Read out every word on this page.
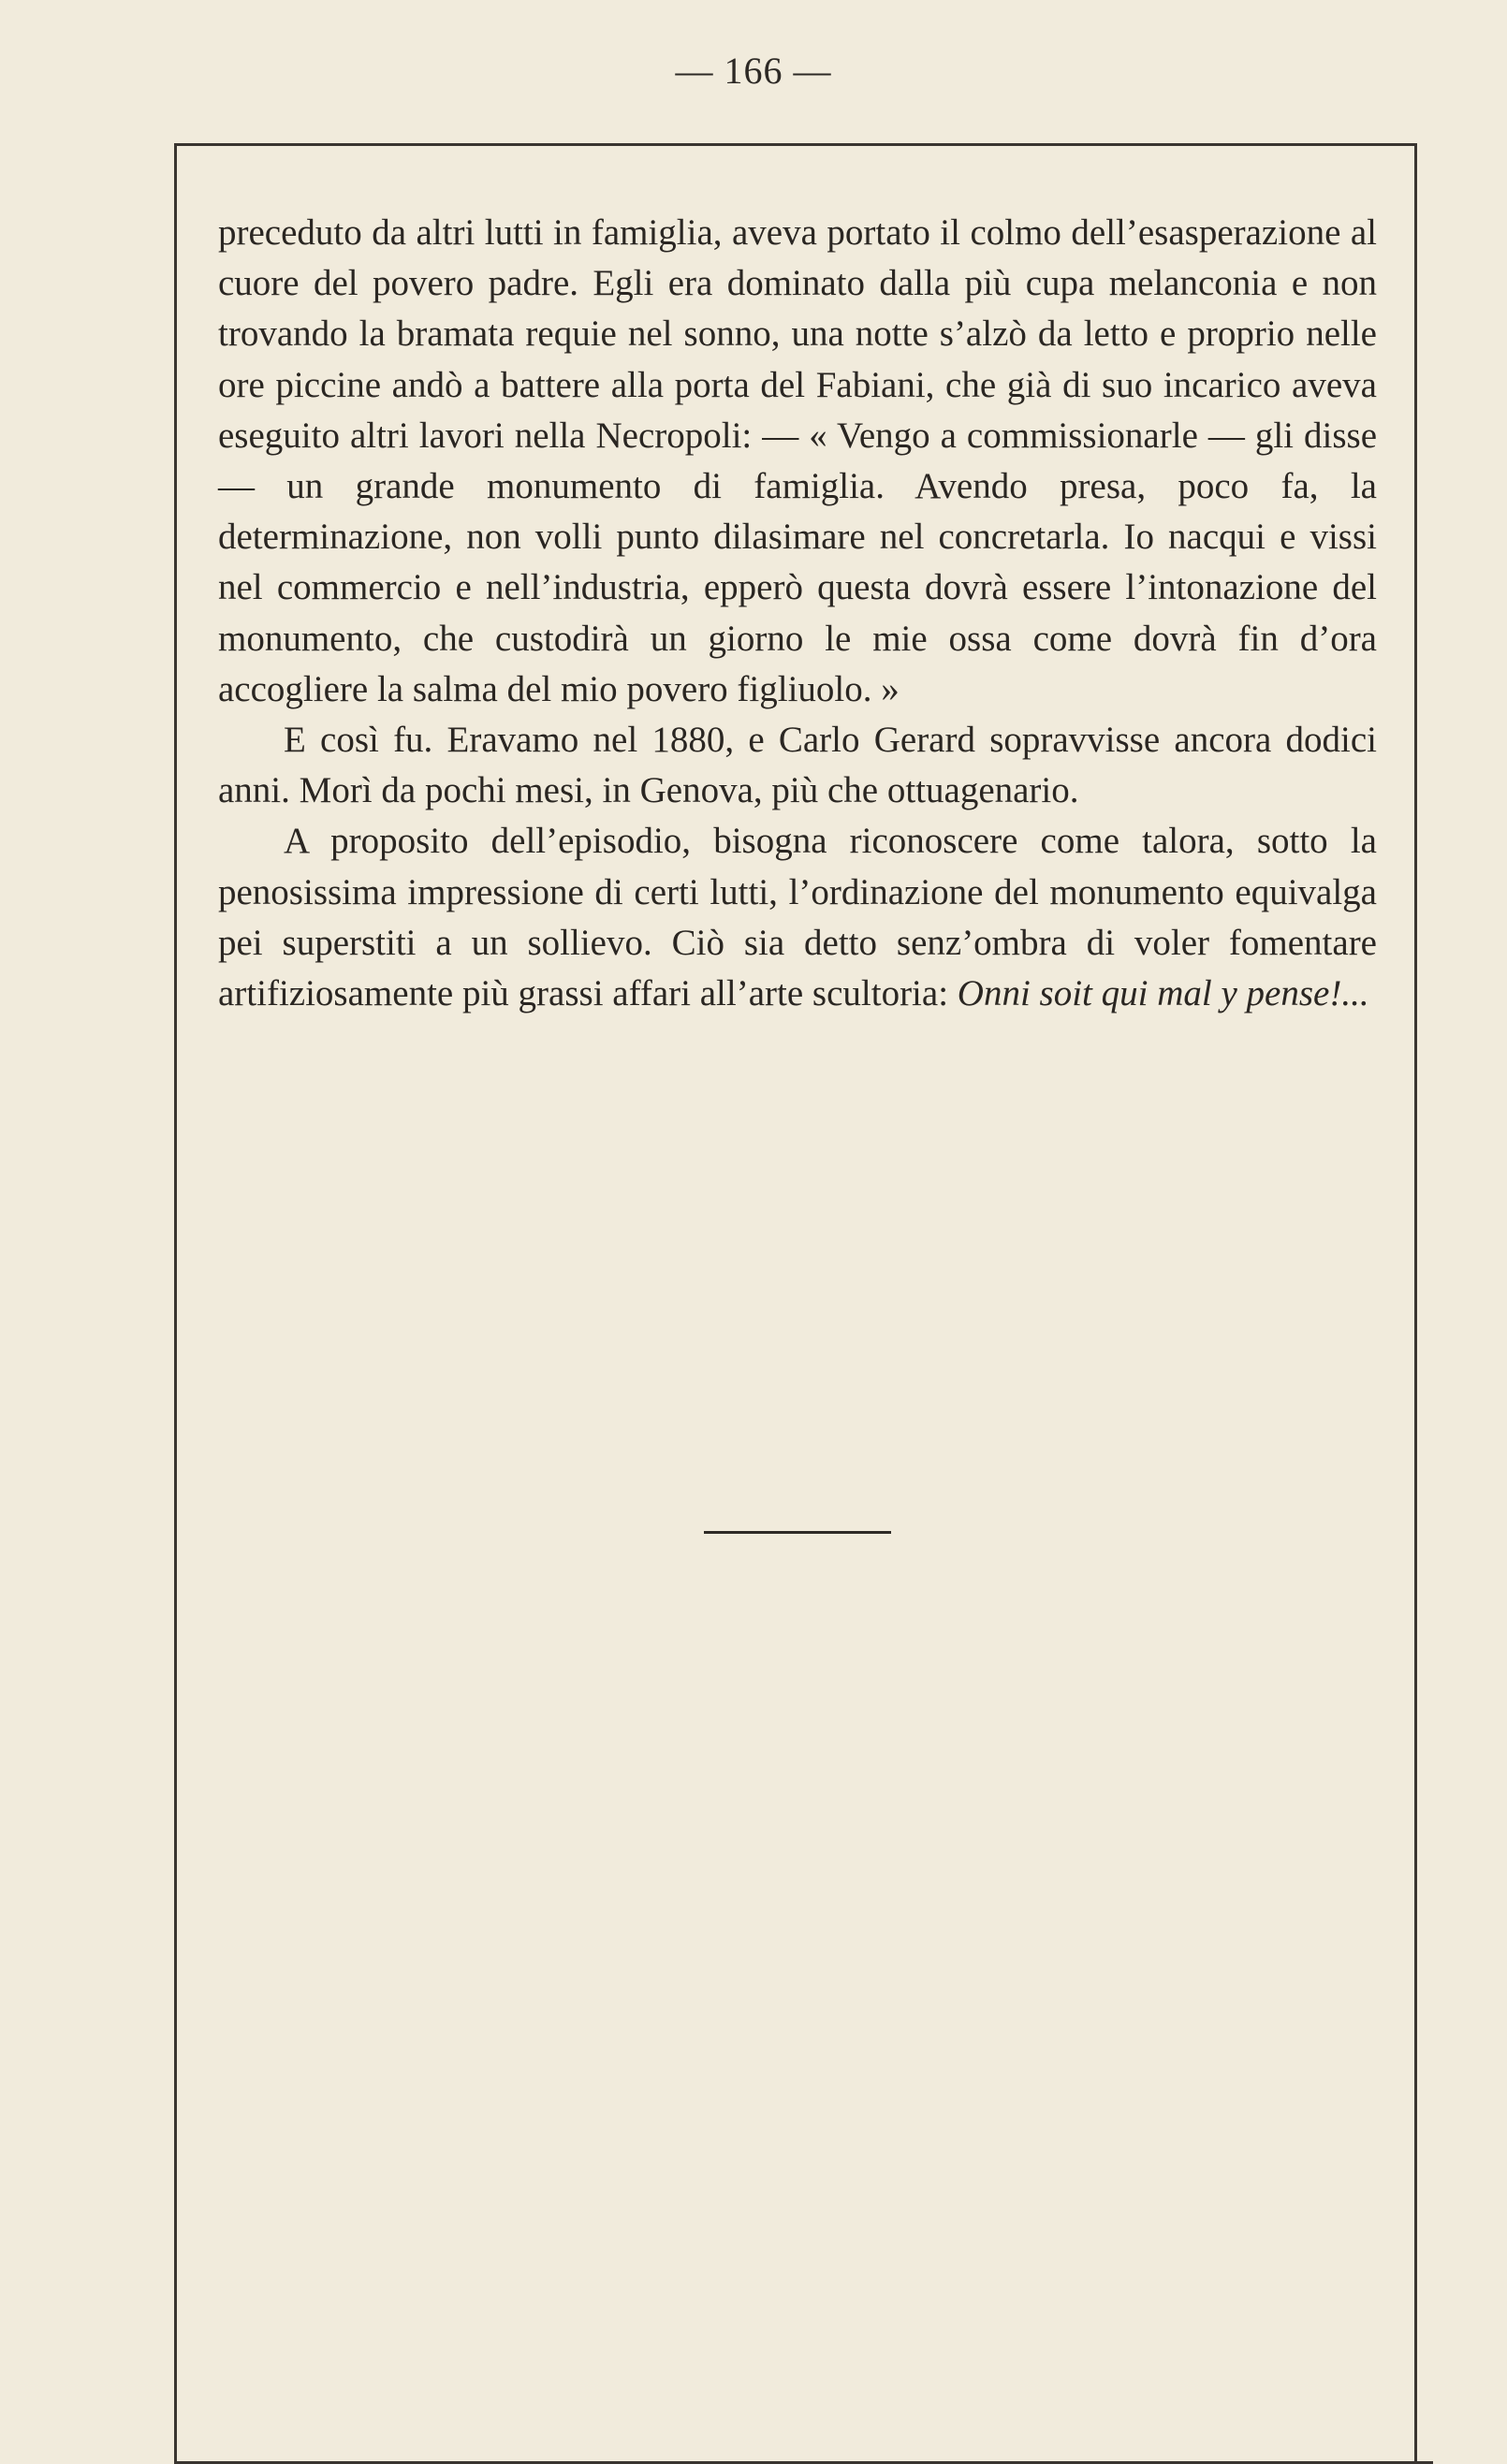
— 166 —

preceduto da altri lutti in famiglia, aveva portato il colmo dell’esasperazione al cuore del povero padre. Egli era dominato dalla più cupa melanconia e non trovando la bramata requie nel sonno, una notte s’alzò da letto e proprio nelle ore piccine andò a battere alla porta del Fabiani, che già di suo incarico aveva eseguito altri lavori nella Necropoli: — « Vengo a commissionarle — gli disse — un grande monumento di famiglia. Avendo presa, poco fa, la determinazione, non volli punto dilasimare nel concretarla. Io nacqui e vissi nel commercio e nell’industria, epperò questa dovrà essere l’intonazione del monumento, che custodirà un giorno le mie ossa come dovrà fin d’ora accogliere la salma del mio povero figliuolo. »

E così fu. Eravamo nel 1880, e Carlo Gerard sopravvisse ancora dodici anni. Morì da pochi mesi, in Genova, più che ottuagenario.

A proposito dell’episodio, bisogna riconoscere come talora, sotto la penosissima impressione di certi lutti, l’ordinazione del monumento equivalga pei superstiti a un sollievo. Ciò sia detto senz’ombra di voler fomentare artifiziosamente più grassi affari all’arte scultoria: Onni soit qui mal y pense!...
